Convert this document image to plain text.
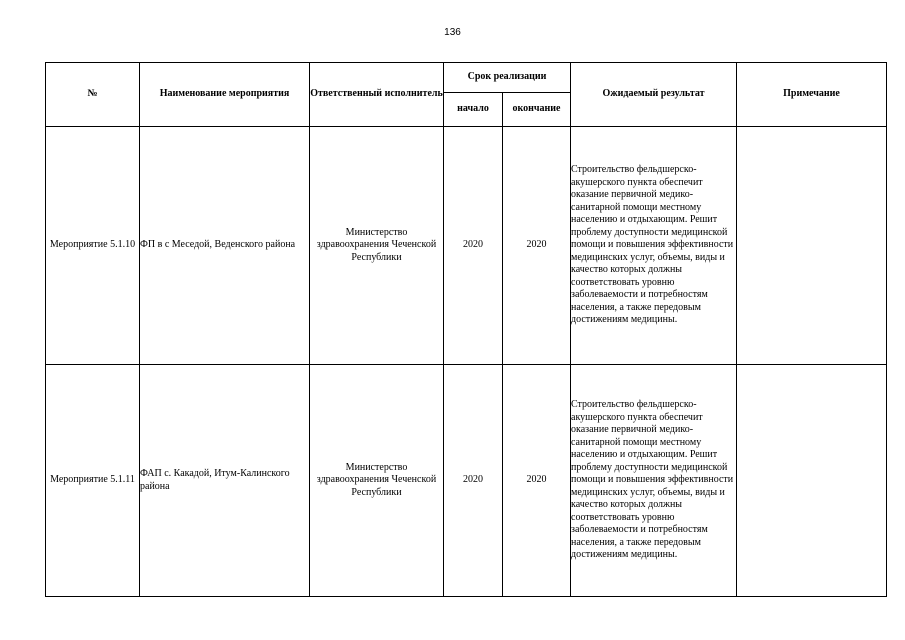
136
№	Наименование мероприятия	Ответственный исполнитель	Срок реализации		Ожидаемый результат	Примечание
			начало	окончание		
Мероприятие 5.1.10	ФП в с Меседой, Веденского района	Министерство здравоохранения Чеченской Республики	2020	2020	Строительство фельдшерско-акушерского пункта обеспечит оказание первичной медико-санитарной помощи местному населению и отдыхающим. Решит проблему доступности медицинской помощи и повышения эффективности медицинских услуг, объемы, виды и качество которых должны соответствовать уровню заболеваемости и потребностям населения, а также передовым достижениям медицины.	
Мероприятие 5.1.11	ФАП с. Какадой, Итум-Калинского района	Министерство здравоохранения Чеченской Республики	2020	2020	Строительство фельдшерско-акушерского пункта обеспечит оказание первичной медико-санитарной помощи местному населению и отдыхающим. Решит проблему доступности медицинской помощи и повышения эффективности медицинских услуг, объемы, виды и качество которых должны соответствовать уровню заболеваемости и потребностям населения, а также передовым достижениям медицины.	
